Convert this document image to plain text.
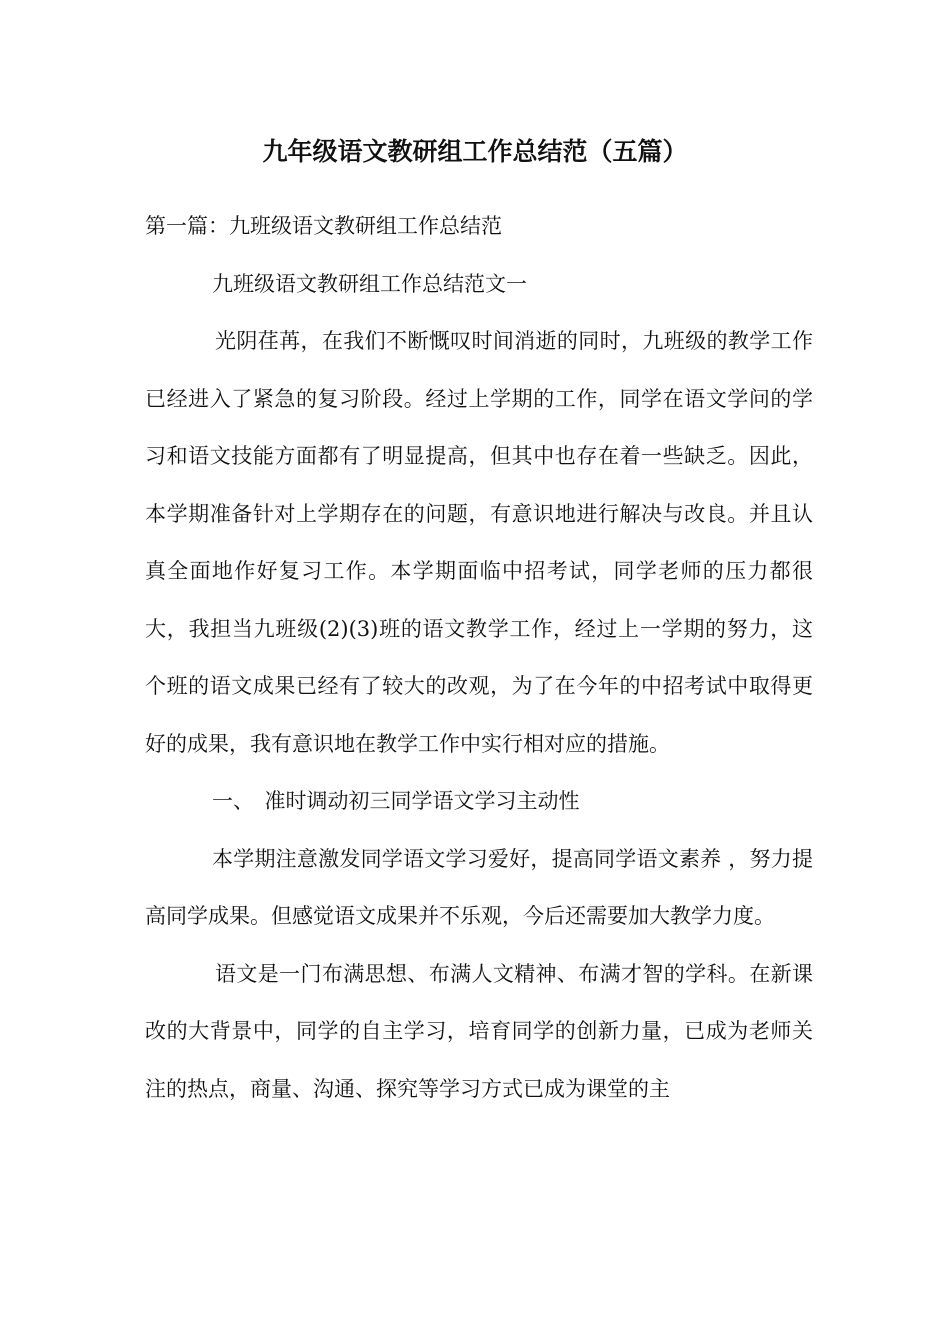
九年级语文教研组工作总结范（五篇）

第一篇：九班级语文教研组工作总结范

九班级语文教研组工作总结范文一

光阴荏苒，在我们不断慨叹时间消逝的同时，九班级的教学工作已经进入了紧急的复习阶段。经过上学期的工作，同学在语文学问的学习和语文技能方面都有了明显提高，但其中也存在着一些缺乏。因此，本学期准备针对上学期存在的问题，有意识地进行解决与改良。并且认真全面地作好复习工作。本学期面临中招考试，同学老师的压力都很大，我担当九班级(2)(3)班的语文教学工作，经过上一学期的努力，这个班的语文成果已经有了较大的改观，为了在今年的中招考试中取得更好的成果，我有意识地在教学工作中实行相对应的措施。

一、　准时调动初三同学语文学习主动性

本学期注意激发同学语文学习爱好，提高同学语文素养 ，努力提高同学成果。但感觉语文成果并不乐观，今后还需要加大教学力度。

语文是一门布满思想、布满人文精神、布满才智的学科。在新课改的大背景中，同学的自主学习，培育同学的创新力量，已成为老师关注的热点，商量、沟通、探究等学习方式已成为课堂的主
